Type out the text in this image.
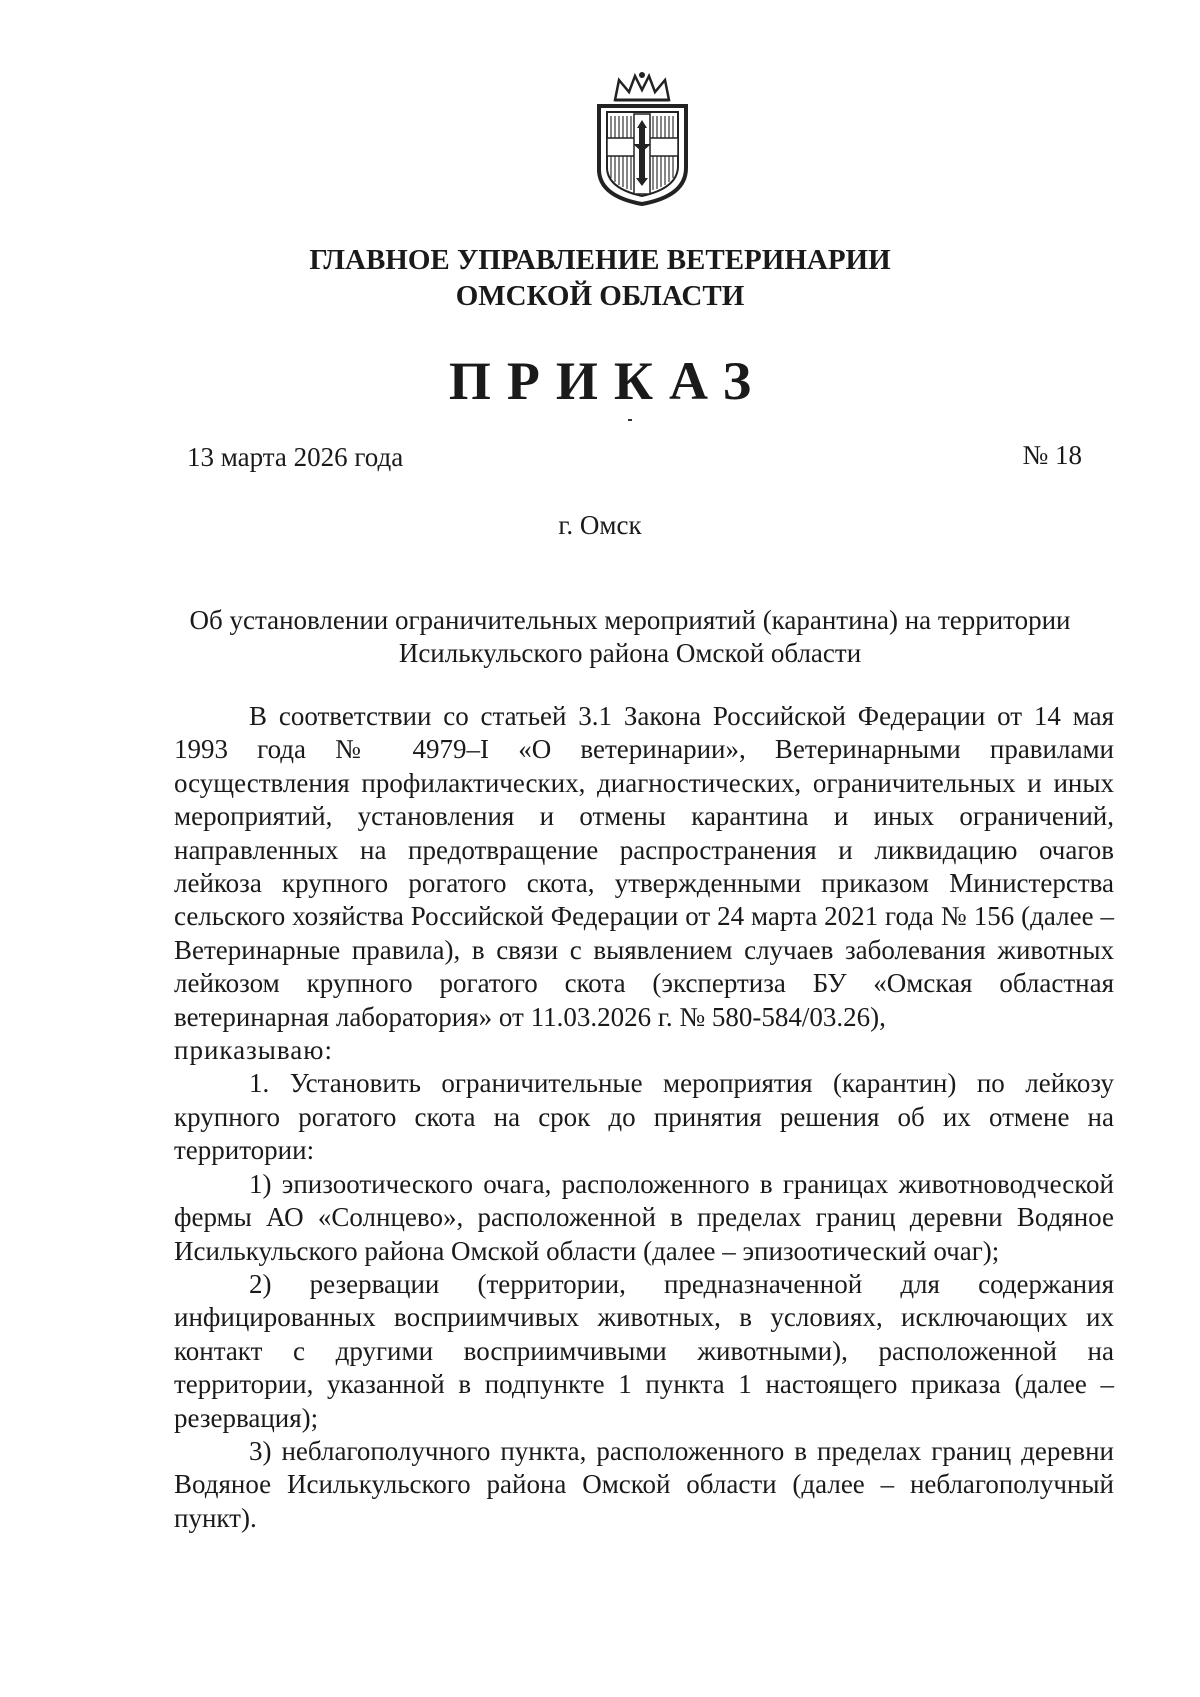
ГЛАВНОЕ УПРАВЛЕНИЕ ВЕТЕРИНАРИИ
ОМСКОЙ ОБЛАСТИ
ПРИКАЗ
13 марта 2026 года	№ 18
г. Омск
Об установлении ограничительных мероприятий (карантина) на территории
Исилькульского района Омской области

В соответствии со статьей 3.1 Закона Российской Федерации от 14 мая 1993 года № 4979–I «О ветеринарии», Ветеринарными правилами осуществления профилактических, диагностических, ограничительных и иных мероприятий, установления и отмены карантина и иных ограничений, направленных на предотвращение распространения и ликвидацию очагов лейкоза крупного рогатого скота, утвержденными приказом Министерства сельского хозяйства Российской Федерации от 24 марта 2021 года № 156 (далее – Ветеринарные правила), в связи с выявлением случаев заболевания животных лейкозом крупного рогатого скота (экспертиза БУ «Омская областная ветеринарная лаборатория» от 11.03.2026 г. № 580-584/03.26),

приказываю:

1. Установить ограничительные мероприятия (карантин) по лейкозу крупного рогатого скота на срок до принятия решения об их отмене на территории:

1) эпизоотического очага, расположенного в границах животноводческой фермы АО «Солнцево», расположенной в пределах границ деревни Водяное Исилькульского района Омской области (далее – эпизоотический очаг);

2) резервации (территории, предназначенной для содержания инфицированных восприимчивых животных, в условиях, исключающих их контакт с другими восприимчивыми животными), расположенной на территории, указанной в подпункте 1 пункта 1 настоящего приказа (далее – резервация);

3) неблагополучного пункта, расположенного в пределах границ деревни Водяное Исилькульского района Омской области (далее – неблагополучный пункт).
